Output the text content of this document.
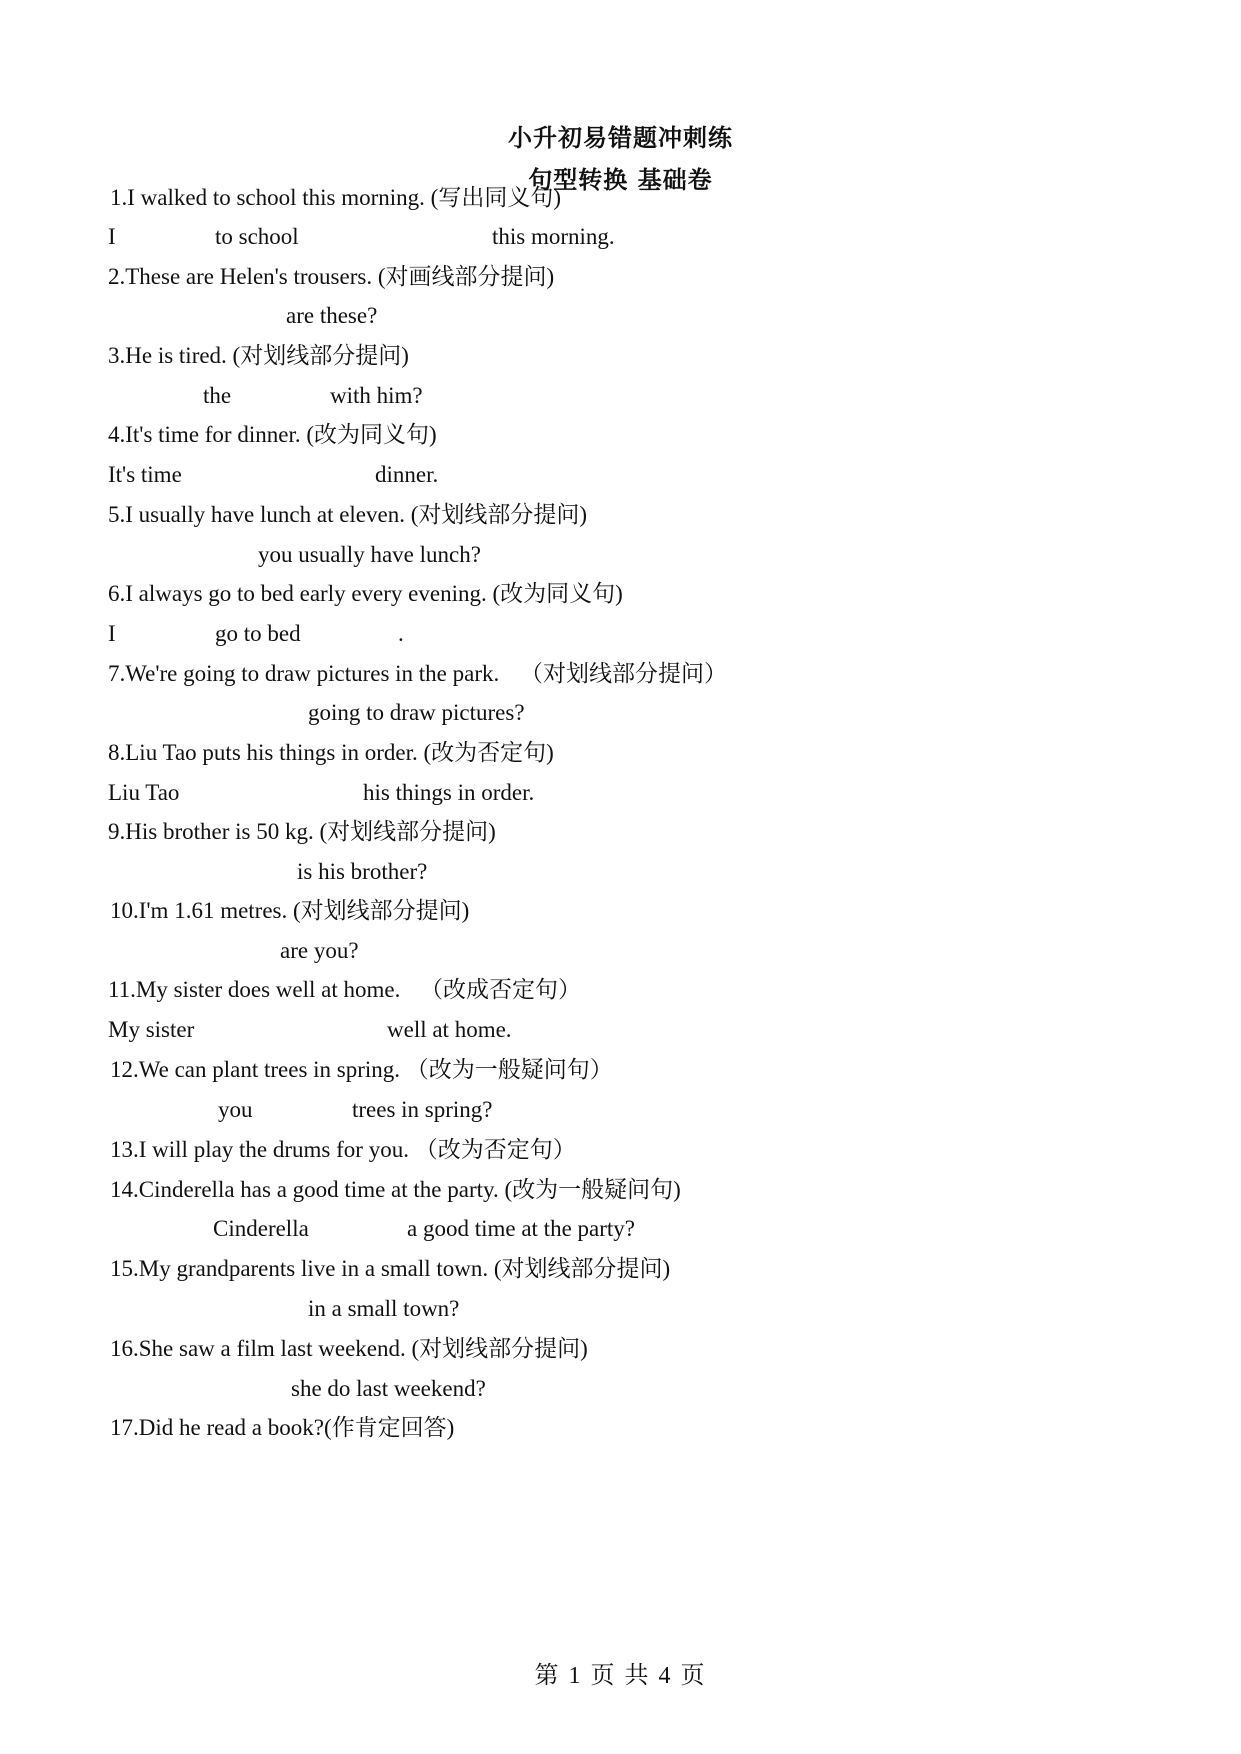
小升初易错题冲刺练
句型转换 基础卷
1.I walked to school this morning. (写出同义句)
I	to school	this morning.
2.These are Helen's trousers. (对画线部分提问)
are these?
3.He is tired. (对划线部分提问)
the	with him?
4.It's time for dinner. (改为同义句)
It's time	dinner.
5.I usually have lunch at eleven. (对划线部分提问)
you usually have lunch?
6.I always go to bed early every evening. (改为同义句)
I	go to bed	.
7.We're going to draw pictures in the park. （对划线部分提问）
going to draw pictures?
8.Liu Tao puts his things in order. (改为否定句)
Liu Tao	his things in order.
9.His brother is 50 kg. (对划线部分提问)
is his brother?
10.I'm 1.61 metres. (对划线部分提问)
are you?
11.My sister does well at home. （改成否定句）
My sister	well at home.
12.We can plant trees in spring. （改为一般疑问句）
you	trees in spring?
13.I will play the drums for you. （改为否定句）
14.Cinderella has a good time at the party. (改为一般疑问句)
Cinderella	a good time at the party?
15.My grandparents live in a small town. (对划线部分提问)
in a small town?
16.She saw a film last weekend. (对划线部分提问)
she do last weekend?
17.Did he read a book?(作肯定回答)
第 1 页 共 4 页
